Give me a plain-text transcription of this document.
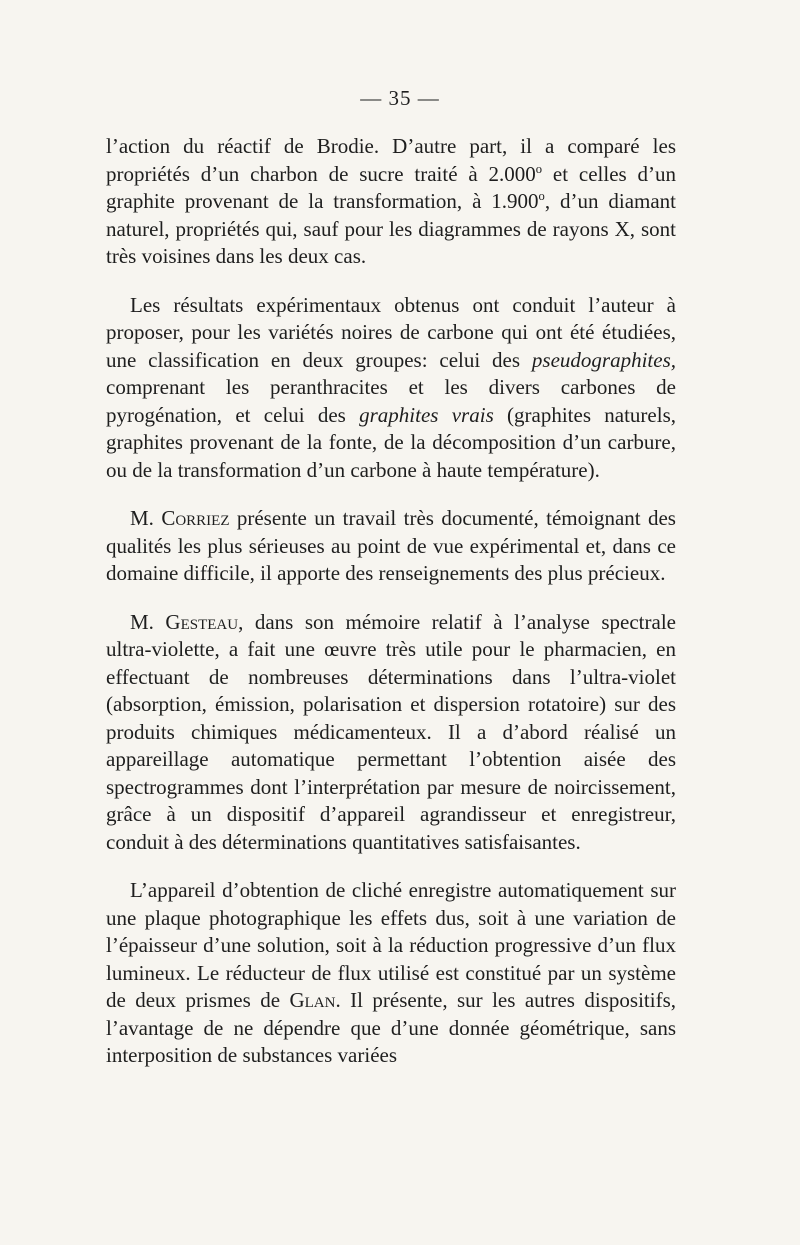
— 35 —

l’action du réactif de Brodie. D’autre part, il a comparé les propriétés d’un charbon de sucre traité à 2.000$^o$ et celles d’un graphite provenant de la transformation, à 1.900$^o$, d’un diamant naturel, propriétés qui, sauf pour les diagrammes de rayons X, sont très voisines dans les deux cas.

Les résultats expérimentaux obtenus ont conduit l’auteur à proposer, pour les variétés noires de carbone qui ont été étudiées, une classification en deux groupes: celui des pseudographites, comprenant les peranthracites et les divers carbones de pyrogénation, et celui des graphites vrais (graphites naturels, graphites provenant de la fonte, de la décomposition d’un carbure, ou de la transformation d’un carbone à haute température).

M. Corriez présente un travail très documenté, témoignant des qualités les plus sérieuses au point de vue expérimental et, dans ce domaine difficile, il apporte des renseignements des plus précieux.

M. Gesteau, dans son mémoire relatif à l’analyse spectrale ultra-violette, a fait une œuvre très utile pour le pharmacien, en effectuant de nombreuses déterminations dans l’ultra-violet (absorption, émission, polarisation et dispersion rotatoire) sur des produits chimiques médicamenteux. Il a d’abord réalisé un appareillage automatique permettant l’obtention aisée des spectrogrammes dont l’interprétation par mesure de noircissement, grâce à un dispositif d’appareil agrandisseur et enregistreur, conduit à des déterminations quantitatives satisfaisantes.

L’appareil d’obtention de cliché enregistre automatiquement sur une plaque photographique les effets dus, soit à une variation de l’épaisseur d’une solution, soit à la réduction progressive d’un flux lumineux. Le réducteur de flux utilisé est constitué par un système de deux prismes de Glan. Il présente, sur les autres dispositifs, l’avantage de ne dépendre que d’une donnée géométrique, sans interposition de substances variées
